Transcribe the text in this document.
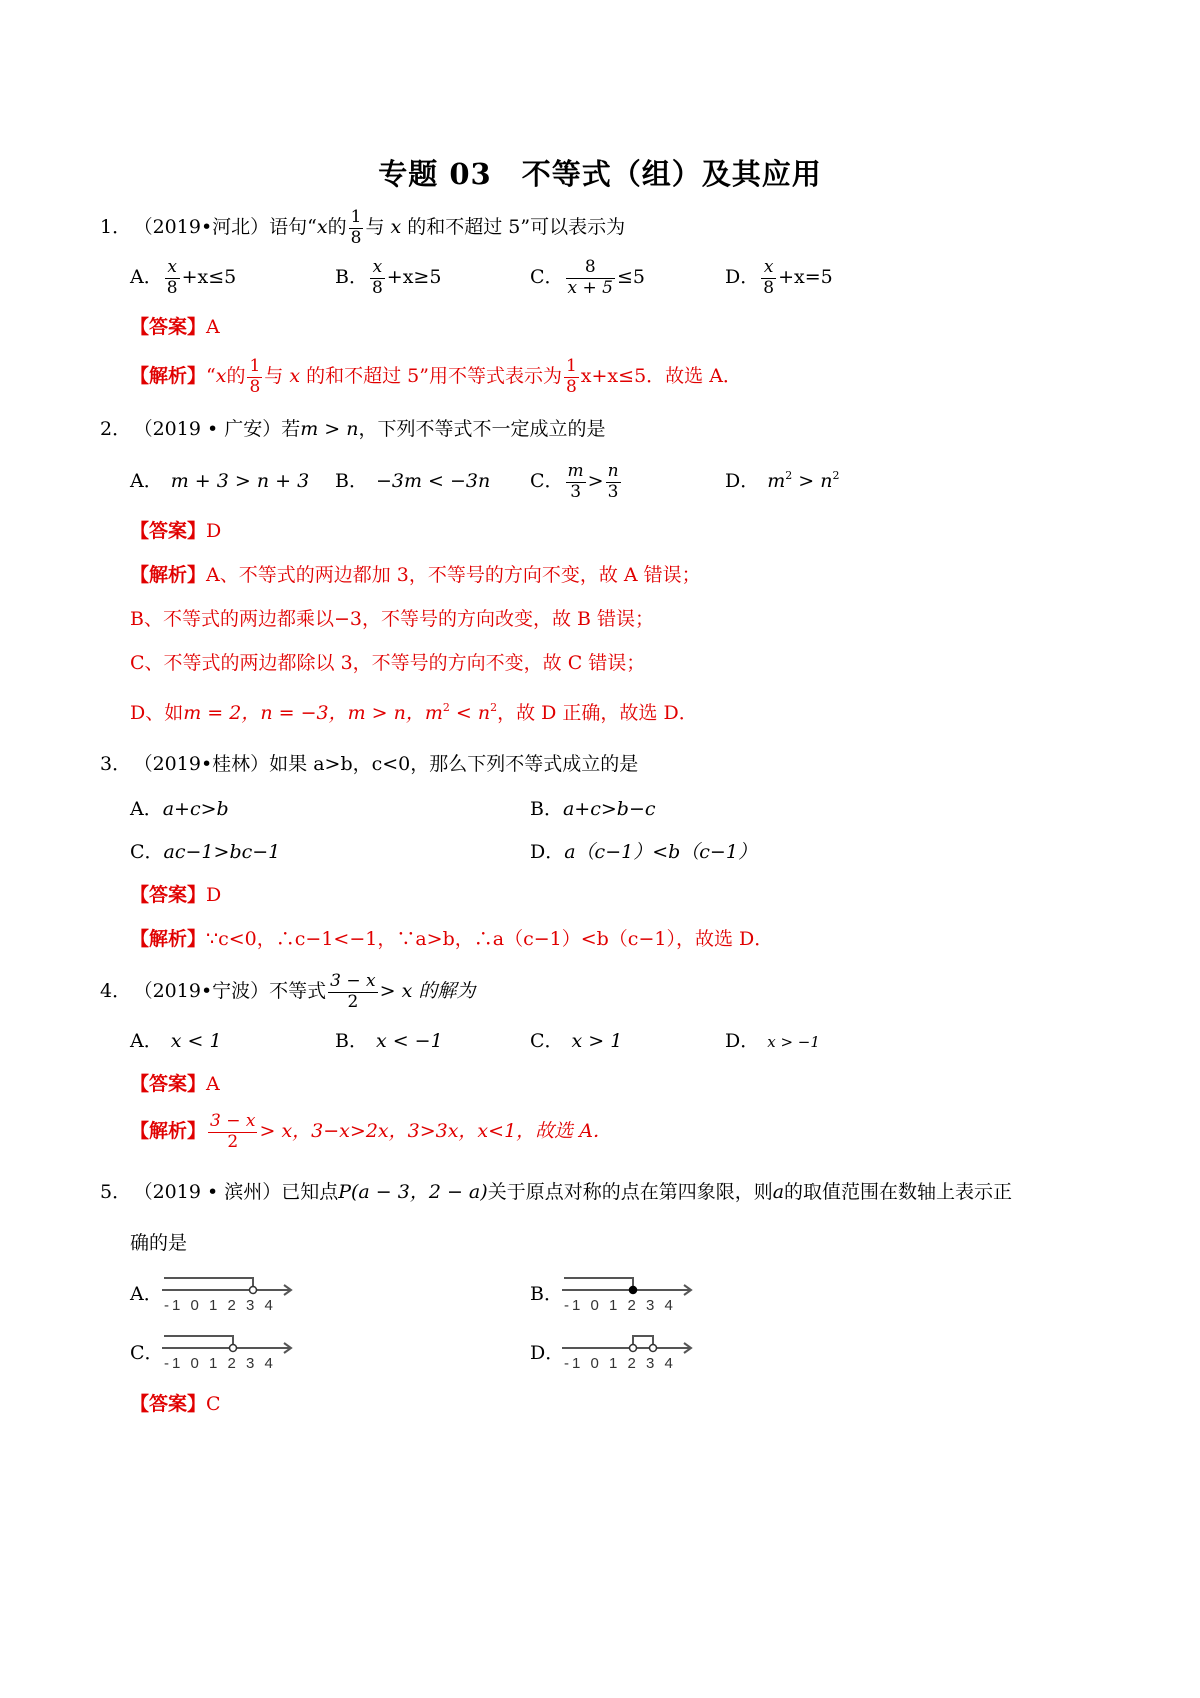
专题 03　不等式（组）及其应用
1． （2019•河北）语句“x的 $\frac{1}{8}$ 与 x 的和不超过 5”可以表示为
A． $\frac{x}{8} +x\le 5$	B． $\frac{x}{8} +x\ge 5$	C． $\frac{8}{x + 5} \le 5$	D． $\frac{x}{8} +x=5$
【答案】A
【解析】“x的 $\frac{1}{8}$ 与 x 的和不超过 5”用不等式表示为 $\frac{1}{8} x+x\le 5$．故选 A．
2． （2019 • 广安）若m > n，下列不等式不一定成立的是
A． m + 3 > n + 3 B． −3m < −3n C． $\frac{m}{3} > \frac{n}{3}$	D． $m^2 > n^2$
【答案】D
【解析】A、不等式的两边都加 3，不等号的方向不变，故 A 错误；
B、不等式的两边都乘以−3，不等号的方向改变，故 B 错误；
C、不等式的两边都除以 3，不等号的方向不变，故 C 错误；
D、如m = 2，n = −3，m > n，$m^2 < n^2$，故 D 正确，故选 D．
3． （2019•桂林）如果 a>b，c<0，那么下列不等式成立的是
A．a+c>b	B．a+c>b−c
C．ac−1>bc−1	D．a（c−1）<b（c−1）
【答案】D
【解析】∵c<0，∴c−1<−1，∵a>b，∴a（c−1）<b（c−1），故选 D．
4． （2019•宁波）不等式 $\frac{3 - x}{2} > x$ 的解为
A． x < 1	B． x < −1	C． x > 1	D． x > −1
【答案】A
【解析】 $\frac{3 - x}{2} > x$，3−x>2x，3>3x，x<1，故选 A．
5． （2019 • 滨州）已知点P(a − 3，2 − a)关于原点对称的点在第四象限，则a的取值范围在数轴上表示正
确的是
A．
-1 0 1 2 3 4
B．
-1 0 1 2 3 4
C． -1 0 1 2 3 4	D． -1 0 1 2 3 4
【答案】C
